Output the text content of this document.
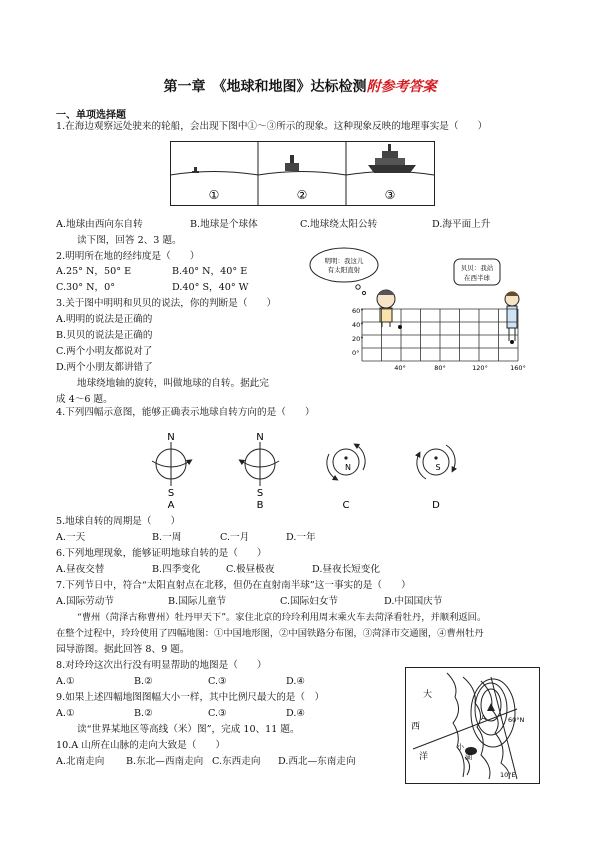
第一章　《地球和地图》达标检测附参考答案
一、单项选择题
1.在海边观察远处驶来的轮船，会出现下图中①～③所示的现象。这种现象反映的地理事实是（　　）
①	②	③
A.地球由西向东自转	B.地球是个球体	C.地球绕太阳公转	D.海平面上升
读下图，回答 2、3 题。
2.明明所在地的经纬度是（　　）
A.25° N，50° E	B.40° N，40° E
C.30° N，0°	D.40° S，40° W
3.关于图中明明和贝贝的说法，你的判断是（　　）
A.明明的说法是正确的
B.贝贝的说法是正确的
C.两个小明友都说对了
D.两个小朋友都讲错了
地球绕地轴的旋转，叫做地球的自转。据此完
成 4～6 题。
明明：我这儿
有太阳直射	贝贝：我站
在西半球
60°
40°
20°
0°
40°	80°	120°	160°
4.下列四幅示意图，能够正确表示地球自转方向的是（　　）
N
S
A
N
S
B
N
C
S
D
5.地球自转的周期是（　　）
A.一天	B.一周	C.一月	D.一年
6.下列地理现象，能够证明地球自转的是（　　）
A.昼夜交替	B.四季变化	C.极昼极夜	D.昼夜长短变化
7.下列节日中，符合“太阳直射点在北移，但仍在直射南半球”这一事实的是（　　）
A.国际劳动节	B.国际儿童节	C.国际妇女节	D.中国国庆节
“曹州（菏泽古称曹州）牡丹甲天下”。家住北京的玲玲利用周末乘火车去菏泽看牡丹，并顺利返回。
在整个过程中，玲玲使用了四幅地图：①中国地形图，②中国铁路分布图，③菏泽市交通图，④曹州牡丹
园导游图。据此回答 8、9 题。
8.对玲玲这次出行没有明显帮助的地图是（　　）
A.①	B.②	C.③	D.④
9.如果上述四幅地图图幅大小一样，其中比例尺最大的是（　）
A.①	B.②	C.③	D.④
读“世界某地区等高线（米）图”，完成 10、11 题。
10.A 山所在山脉的走向大致是（　　）
A.北南走向 B.东北—西南走向 C.东西走向 D.西北—东南走向
A
大
西
洋
60°N
10°E
小
湖
